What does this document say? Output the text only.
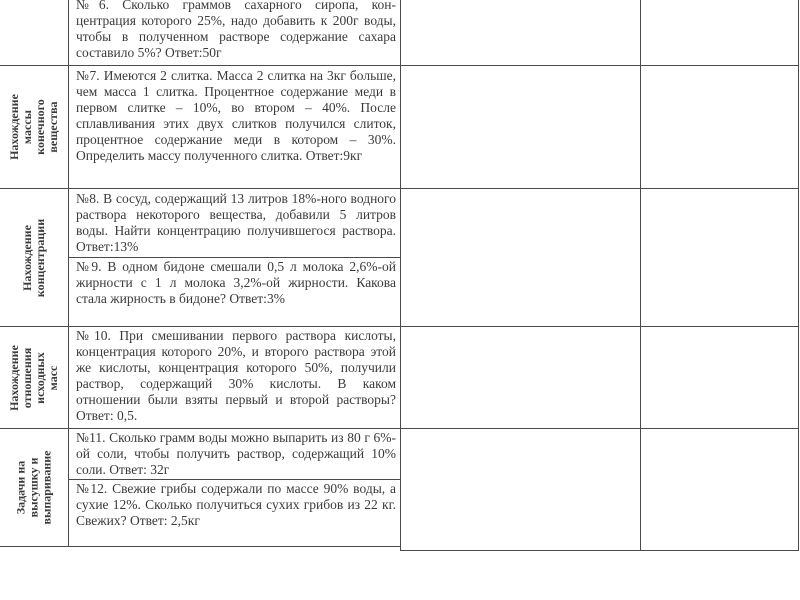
Нахождение
массы
конечного
вещества
Нахождение
концентрации
Нахождение
отношения
исходных
масс
Задачи на
высушку и
выпаривание
№6. Сколько граммов сахарного сиропа, кон-центрация которого 25%, надо добавить к 200г воды, чтобы в полученном растворе содержание сахара составило 5%? Ответ:50г
№7. Имеются 2 слитка. Масса 2 слитка на 3кг больше, чем масса 1 слитка. Процентное содержание меди в первом слитке – 10%, во втором – 40%. После сплавливания этих двух слитков получился слиток, процентное содержание меди в котором – 30%. Определить массу полученного слитка. Ответ:9кг
№8. В сосуд, содержащий 13 литров 18%-ного водного раствора некоторого вещества, добавили 5 литров воды. Найти концентрацию получившегося раствора. Ответ:13%
№9. В одном бидоне смешали 0,5 л молока 2,6%-ой жирности с 1 л молока 3,2%-ой жирности. Какова стала жирность в бидоне? Ответ:3%
№10. При смешивании первого раствора кислоты, концентрация которого 20%, и второго раствора этой же кислоты, концентрация которого 50%, получили раствор, содержащий 30% кислоты. В каком отношении были взяты первый и второй растворы? Ответ: 0,5.
№11. Сколько грамм воды можно выпарить из 80 г 6%-ой соли, чтобы получить раствор, содержащий 10% соли. Ответ: 32г
№12. Свежие грибы содержали по массе 90% воды, а сухие 12%. Сколько получиться сухих грибов из 22 кг. Свежих? Ответ: 2,5кг
